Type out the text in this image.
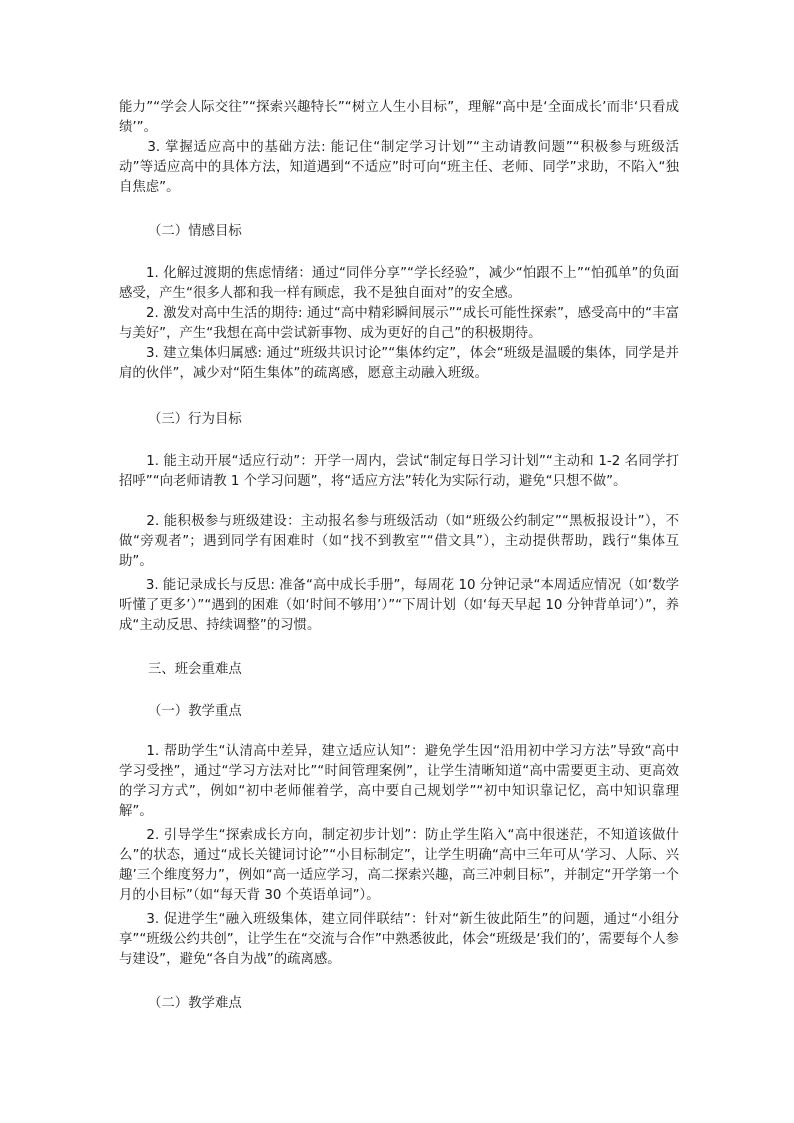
能力”“学会人际交往”“探索兴趣特长”“树立人生小目标”，理解“高中是‘全面成长’而非‘只看成绩’”。

　　3. 掌握适应高中的基础方法: 能记住“制定学习计划”“主动请教问题”“积极参与班级活动”等适应高中的具体方法，知道遇到“不适应”时可向“班主任、老师、同学”求助，不陷入“独自焦虑”。

（二）情感目标

　　1. 化解过渡期的焦虑情绪：通过“同伴分享”“学长经验”，减少“怕跟不上”“怕孤单”的负面感受，产生“很多人都和我一样有顾虑，我不是独自面对”的安全感。

　　2. 激发对高中生活的期待: 通过“高中精彩瞬间展示”“成长可能性探索”，感受高中的“丰富与美好”，产生“我想在高中尝试新事物、成为更好的自己”的积极期待。

　　3. 建立集体归属感: 通过“班级共识讨论”“集体约定”，体会“班级是温暖的集体，同学是并肩的伙伴”，减少对“陌生集体”的疏离感，愿意主动融入班级。

（三）行为目标

　　1. 能主动开展“适应行动”：开学一周内，尝试“制定每日学习计划”“主动和 1-2 名同学打招呼”“向老师请教 1 个学习问题”，将“适应方法”转化为实际行动，避免“只想不做”。

　　2. 能积极参与班级建设：主动报名参与班级活动（如“班级公约制定”“黑板报设计”），不做“旁观者”；遇到同学有困难时（如“找不到教室”“借文具”），主动提供帮助，践行“集体互助”。

　　3. 能记录成长与反思: 准备“高中成长手册”，每周花 10 分钟记录“本周适应情况（如‘数学听懂了更多’）”“遇到的困难（如‘时间不够用’）”“下周计划（如‘每天早起 10 分钟背单词’）”，养成“主动反思、持续调整”的习惯。

三、班会重难点

（一）教学重点

　　1. 帮助学生“认清高中差异，建立适应认知”：避免学生因“沿用初中学习方法”导致“高中学习受挫”，通过“学习方法对比”“时间管理案例”，让学生清晰知道“高中需要更主动、更高效的学习方式”，例如“初中老师催着学，高中要自己规划学”“初中知识靠记忆，高中知识靠理解”。

　　2. 引导学生“探索成长方向，制定初步计划”：防止学生陷入“高中很迷茫，不知道该做什么”的状态，通过“成长关键词讨论”“小目标制定”，让学生明确“高中三年可从‘学习、人际、兴趣’三个维度努力”，例如“高一适应学习，高二探索兴趣，高三冲刺目标”，并制定“开学第一个月的小目标”（如“每天背 30 个英语单词”）。

　　3. 促进学生“融入班级集体，建立同伴联结”：针对“新生彼此陌生”的问题，通过“小组分享”“班级公约共创”，让学生在“交流与合作”中熟悉彼此，体会“班级是‘我们的’，需要每个人参与建设”，避免“各自为战”的疏离感。

（二）教学难点
